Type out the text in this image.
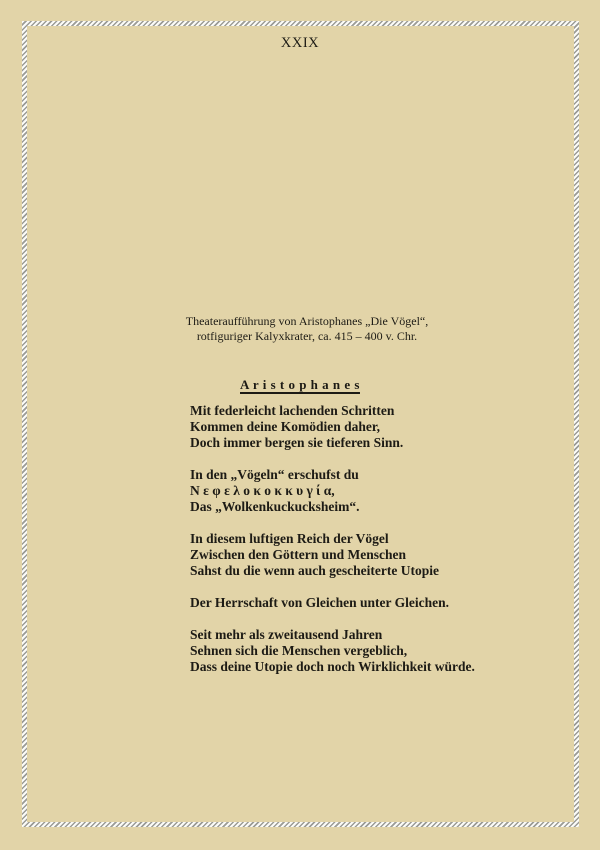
XXIX

Theateraufführung von Aristophanes „Die Vögel“,

rotfiguriger Kalyxkrater, ca. 415 – 400 v. Chr.

A r i s t o p h a n e s

Mit federleicht lachenden Schritten

Kommen deine Komödien daher,

Doch immer bergen sie tieferen Sinn.

In den „Vögeln“ erschufst du

Ν ε φ ε λ ο κ ο κ κ υ γ ί α,

Das „Wolkenkuckucksheim“.

In diesem luftigen Reich der Vögel

Zwischen den Göttern und Menschen

Sahst du die wenn auch gescheiterte Utopie

Der Herrschaft von Gleichen unter Gleichen.

Seit mehr als zweitausend Jahren

Sehnen sich die Menschen vergeblich,

Dass deine Utopie doch noch Wirklichkeit würde.
